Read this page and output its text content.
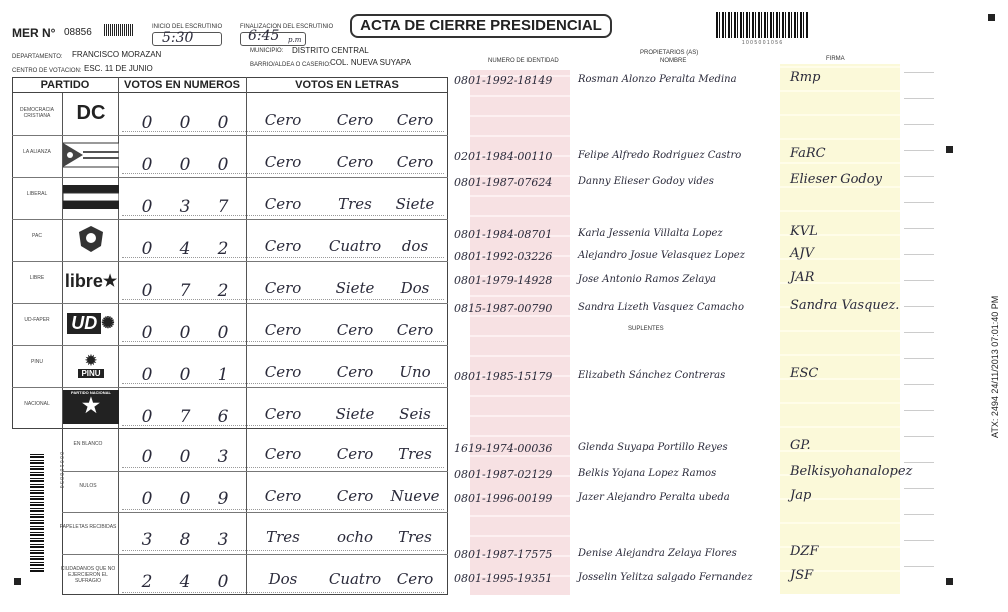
MER N° 08856	INICIO DEL ESCRUTINIO
5:30
FINALIZACION DEL ESCRUTINIO
6:45 p.m
ACTA DE CIERRE PRESIDENCIAL
1 0 0 5 0 0 1 0 5 6
DEPARTAMENTO: FRANCISCO MORAZAN	MUNICIPIO: DISTRITO CENTRAL
CENTRO DE VOTACION: ESC. 11 DE JUNIO	BARRIO/ALDEA O CASERIO: COL. NUEVA SUYAPA	NUMERO DE IDENTIDAD
PROPIETARIOS (AS)
NOMBRE	FIRMA
PARTIDO	VOTOS EN NUMEROS	VOTOS EN LETRAS
DEMOCRACIA CRISTIANA	DC	0	0	0	Cero	Cero	Cero
LA ALIANZA
0	0	0	Cero	Cero	Cero
LIBERAL
0	3	7	Cero	Tres	Siete
PAC
0	4	2	Cero	Cuatro	dos
LIBRE	libre ★	0	7	2	Cero	Siete	Dos
UD-FAPER	UD ✺	0	0	0	Cero	Cero	Cero
PINU	✹
PINU	0	0	1	Cero	Cero	Uno
NACIONAL
PARTIDO NACIONAL
★	0	7	6	Cero	Siete	Seis
EN BLANCO
0	0	3	Cero	Cero	Tres
NULOS
0	0	9	Cero	Cero	Nueve
PAPELETAS RECIBIDAS
3	8	3	Tres	ocho	Tres
CIUDADANOS QUE NO EJERCIERON EL SUFRAGIO	2	4	0	Dos	Cuatro	Cero
0 0 0 1 0 8 8 5 6
0801-1992-18149	Rosman Alonzo Peralta Medina	Rmp
0201-1984-00110	Felipe Alfredo Rodriguez Castro	FaRC
0801-1987-07624	Danny Elieser Godoy vides	Elieser Godoy
0801-1984-08701	Karla Jessenia Villalta Lopez	KVL
0801-1992-03226	Alejandro Josue Velasquez Lopez	AJV
0801-1979-14928	Jose Antonio Ramos Zelaya	JAR
0815-1987-00790	Sandra Lizeth Vasquez Camacho	Sandra Vasquez.
0801-1985-15179	Elizabeth Sánchez Contreras	ESC
1619-1974-00036	Glenda Suyapa Portillo Reyes	GP.
0801-1987-02129	Belkis Yojana Lopez Ramos	Belkisyohanalopez
0801-1996-00199	Jazer Alejandro Peralta ubeda	Jap
0801-1987-17575	Denise Alejandra Zelaya Flores	DZF
0801-1995-19351	Josselin Yelitza salgado Fernandez	JSF
SUPLENTES	ATX: 2494 24/11/2013 07:01:40 PM
